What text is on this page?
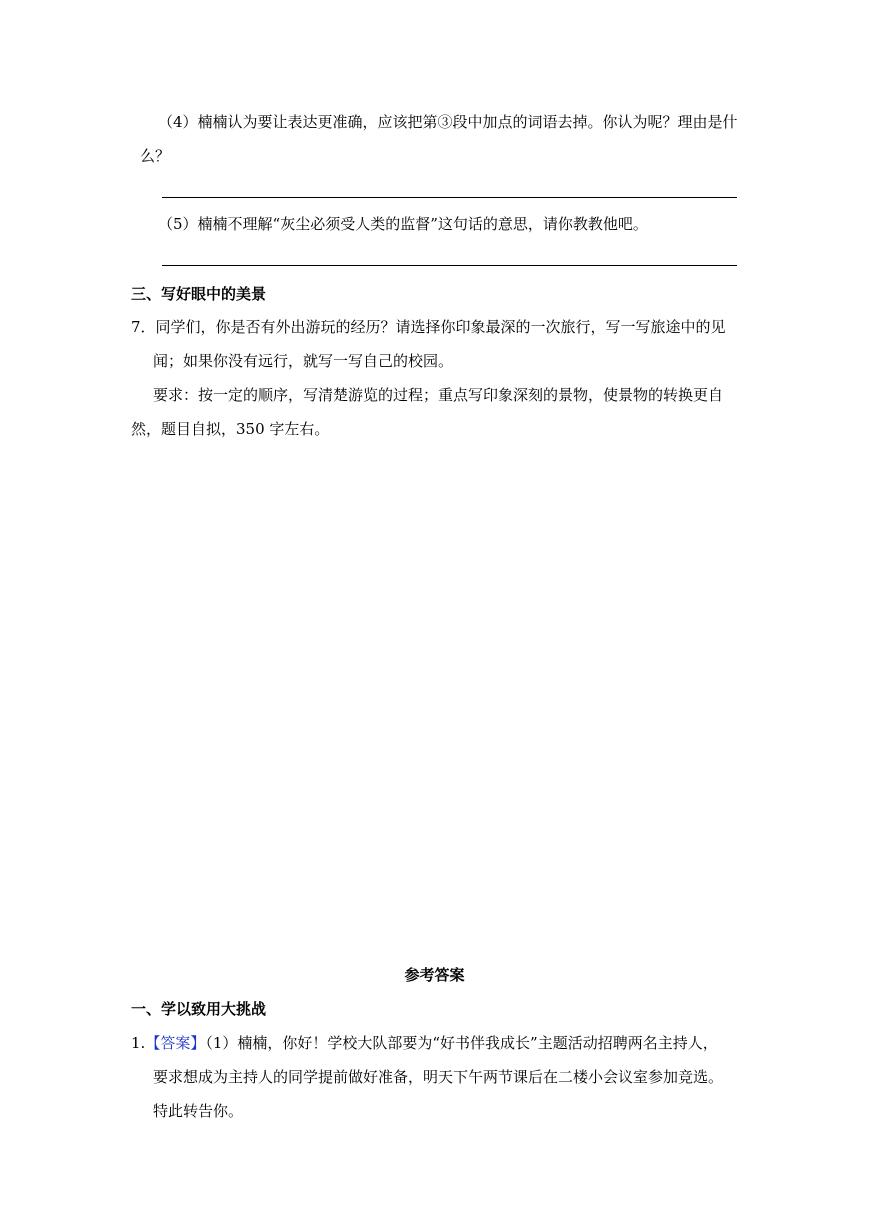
（4）楠楠认为要让表达更准确，应该把第③段中加点的词语去掉。你认为呢？理由是什
么？
（5）楠楠不理解“灰尘必须受人类的监督”这句话的意思，请你教教他吧。
三、写好眼中的美景
7．同学们，你是否有外出游玩的经历？请选择你印象最深的一次旅行，写一写旅途中的见
闻；如果你没有远行，就写一写自己的校园。
要求：按一定的顺序，写清楚游览的过程；重点写印象深刻的景物，使景物的转换更自
然，题目自拟，350 字左右。
参考答案
一、学以致用大挑战
1.【答案】（1）楠楠，你好！学校大队部要为“好书伴我成长”主题活动招聘两名主持人，
要求想成为主持人的同学提前做好准备，明天下午两节课后在二楼小会议室参加竞选。
特此转告你。
